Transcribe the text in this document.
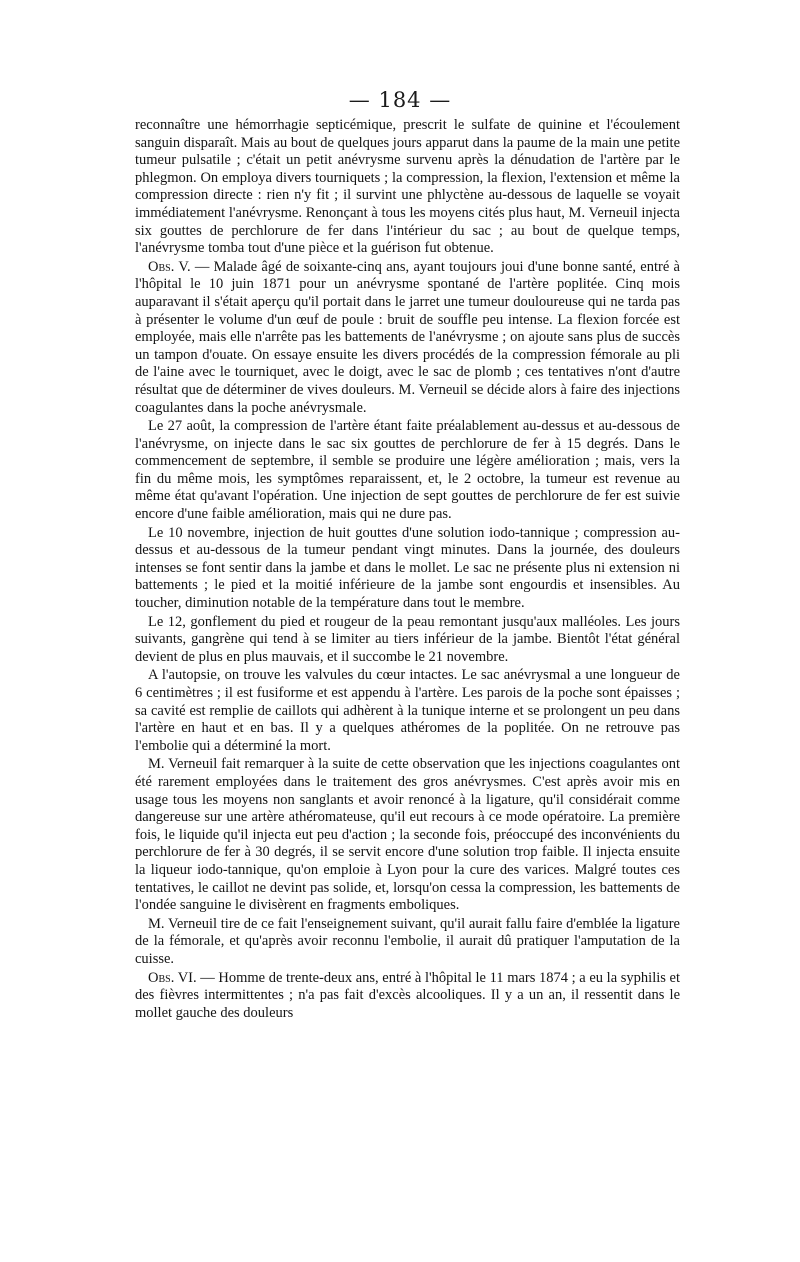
— 184 —

reconnaître une hémorrhagie septicémique, prescrit le sulfate de quinine et l'écoulement sanguin disparaît. Mais au bout de quelques jours apparut dans la paume de la main une petite tumeur pulsatile ; c'était un petit anévrysme survenu après la dénudation de l'artère par le phlegmon. On employa divers tourniquets ; la compression, la flexion, l'extension et même la compression directe : rien n'y fit ; il survint une phlyctène au-dessous de laquelle se voyait immédiatement l'anévrysme. Renonçant à tous les moyens cités plus haut, M. Verneuil injecta six gouttes de perchlorure de fer dans l'intérieur du sac ; au bout de quelque temps, l'anévrysme tomba tout d'une pièce et la guérison fut obtenue.

Obs. V. — Malade âgé de soixante-cinq ans, ayant toujours joui d'une bonne santé, entré à l'hôpital le 10 juin 1871 pour un anévrysme spontané de l'artère poplitée. Cinq mois auparavant il s'était aperçu qu'il portait dans le jarret une tumeur douloureuse qui ne tarda pas à présenter le volume d'un œuf de poule : bruit de souffle peu intense. La flexion forcée est employée, mais elle n'arrête pas les battements de l'anévrysme ; on ajoute sans plus de succès un tampon d'ouate. On essaye ensuite les divers procédés de la compression fémorale au pli de l'aine avec le tourniquet, avec le doigt, avec le sac de plomb ; ces tentatives n'ont d'autre résultat que de déterminer de vives douleurs. M. Verneuil se décide alors à faire des injections coagulantes dans la poche anévrysmale.

Le 27 août, la compression de l'artère étant faite préalablement au-dessus et au-dessous de l'anévrysme, on injecte dans le sac six gouttes de perchlorure de fer à 15 degrés. Dans le commencement de septembre, il semble se produire une légère amélioration ; mais, vers la fin du même mois, les symptômes reparaissent, et, le 2 octobre, la tumeur est revenue au même état qu'avant l'opération. Une injection de sept gouttes de perchlorure de fer est suivie encore d'une faible amélioration, mais qui ne dure pas.

Le 10 novembre, injection de huit gouttes d'une solution iodo-tannique ; compression au-dessus et au-dessous de la tumeur pendant vingt minutes. Dans la journée, des douleurs intenses se font sentir dans la jambe et dans le mollet. Le sac ne présente plus ni extension ni battements ; le pied et la moitié inférieure de la jambe sont engourdis et insensibles. Au toucher, diminution notable de la température dans tout le membre.

Le 12, gonflement du pied et rougeur de la peau remontant jusqu'aux malléoles. Les jours suivants, gangrène qui tend à se limiter au tiers inférieur de la jambe. Bientôt l'état général devient de plus en plus mauvais, et il succombe le 21 novembre.

A l'autopsie, on trouve les valvules du cœur intactes. Le sac anévrysmal a une longueur de 6 centimètres ; il est fusiforme et est appendu à l'artère. Les parois de la poche sont épaisses ; sa cavité est remplie de caillots qui adhèrent à la tunique interne et se prolongent un peu dans l'artère en haut et en bas. Il y a quelques athéromes de la poplitée. On ne retrouve pas l'embolie qui a déterminé la mort.

M. Verneuil fait remarquer à la suite de cette observation que les injections coagulantes ont été rarement employées dans le traitement des gros anévrysmes. C'est après avoir mis en usage tous les moyens non sanglants et avoir renoncé à la ligature, qu'il considérait comme dangereuse sur une artère athéromateuse, qu'il eut recours à ce mode opératoire. La première fois, le liquide qu'il injecta eut peu d'action ; la seconde fois, préoccupé des inconvénients du perchlorure de fer à 30 degrés, il se servit encore d'une solution trop faible. Il injecta ensuite la liqueur iodo-tannique, qu'on emploie à Lyon pour la cure des varices. Malgré toutes ces tentatives, le caillot ne devint pas solide, et, lorsqu'on cessa la compression, les battements de l'ondée sanguine le divisèrent en fragments emboliques.

M. Verneuil tire de ce fait l'enseignement suivant, qu'il aurait fallu faire d'emblée la ligature de la fémorale, et qu'après avoir reconnu l'embolie, il aurait dû pratiquer l'amputation de la cuisse.

Obs. VI. — Homme de trente-deux ans, entré à l'hôpital le 11 mars 1874 ; a eu la syphilis et des fièvres intermittentes ; n'a pas fait d'excès alcooliques. Il y a un an, il ressentit dans le mollet gauche des douleurs
